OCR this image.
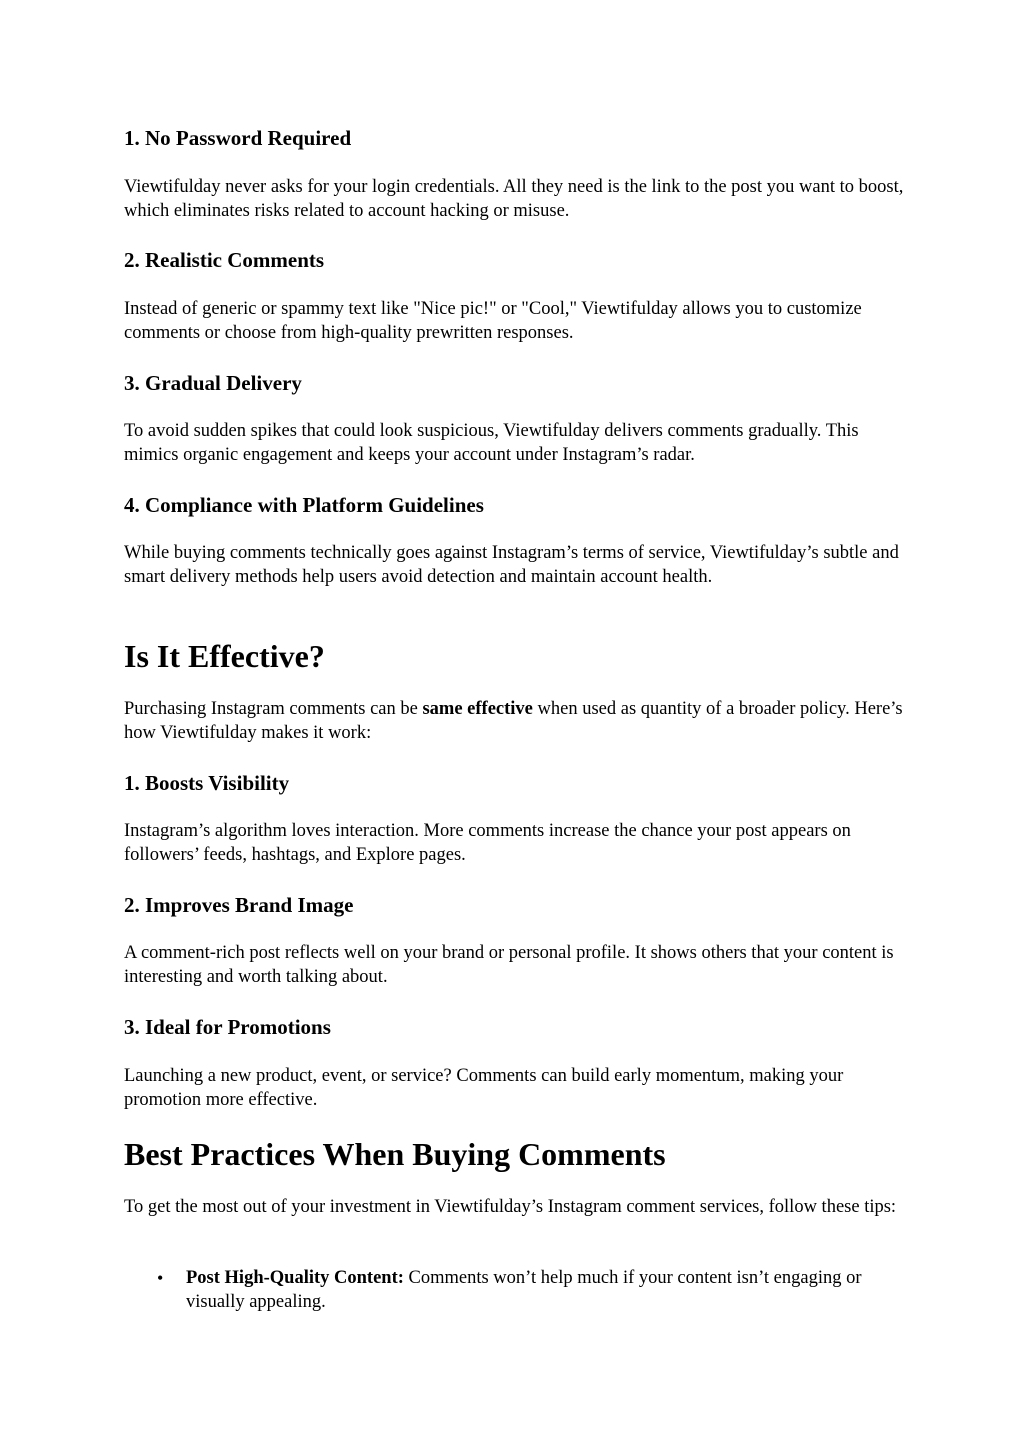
1. No Password Required

Viewtifulday never asks for your login credentials. All they need is the link to the post you want to boost, which eliminates risks related to account hacking or misuse.

2. Realistic Comments

Instead of generic or spammy text like "Nice pic!" or "Cool," Viewtifulday allows you to customize comments or choose from high-quality prewritten responses.

3. Gradual Delivery

To avoid sudden spikes that could look suspicious, Viewtifulday delivers comments gradually. This mimics organic engagement and keeps your account under Instagram’s radar.

4. Compliance with Platform Guidelines

While buying comments technically goes against Instagram’s terms of service, Viewtifulday’s subtle and smart delivery methods help users avoid detection and maintain account health.

Is It Effective?

Purchasing Instagram comments can be same effective when used as quantity of a broader policy. Here’s how Viewtifulday makes it work:

1. Boosts Visibility

Instagram’s algorithm loves interaction. More comments increase the chance your post appears on followers’ feeds, hashtags, and Explore pages.

2. Improves Brand Image

A comment-rich post reflects well on your brand or personal profile. It shows others that your content is interesting and worth talking about.

3. Ideal for Promotions

Launching a new product, event, or service? Comments can build early momentum, making your promotion more effective.

Best Practices When Buying Comments

To get the most out of your investment in Viewtifulday’s Instagram comment services, follow these tips:

• Post High-Quality Content: Comments won’t help much if your content isn’t engaging or visually appealing.
